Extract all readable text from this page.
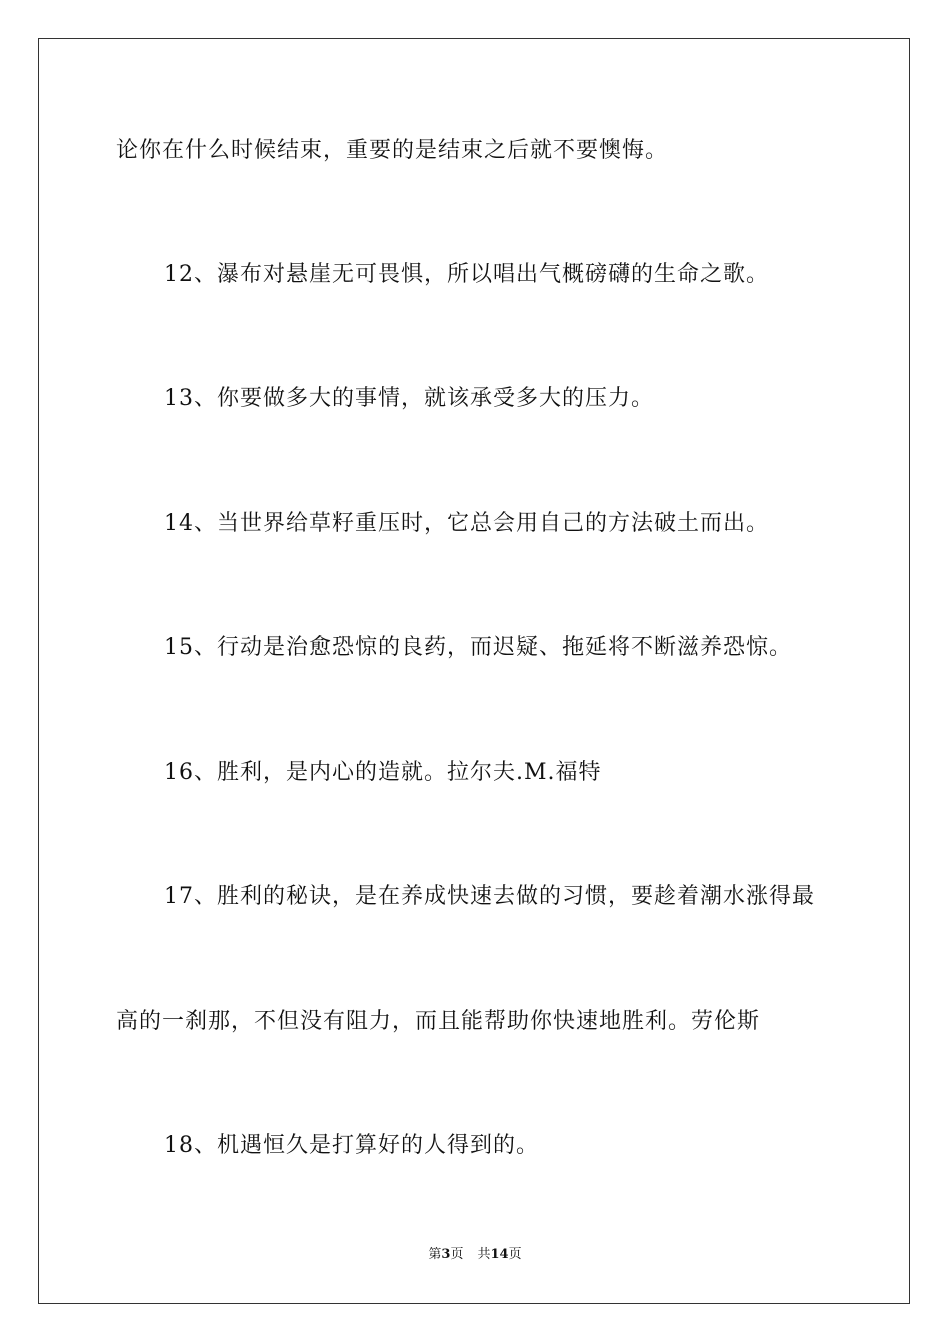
论你在什么时候结束，重要的是结束之后就不要懊悔。
12、瀑布对悬崖无可畏惧，所以唱出气概磅礴的生命之歌。
13、你要做多大的事情，就该承受多大的压力。
14、当世界给草籽重压时，它总会用自己的方法破土而出。
15、行动是治愈恐惊的良药，而迟疑、拖延将不断滋养恐惊。
16、胜利，是内心的造就。拉尔夫.M.福特
17、胜利的秘诀，是在养成快速去做的习惯，要趁着潮水涨得最
高的一刹那，不但没有阻力，而且能帮助你快速地胜利。劳伦斯
18、机遇恒久是打算好的人得到的。
第3页 共14页
